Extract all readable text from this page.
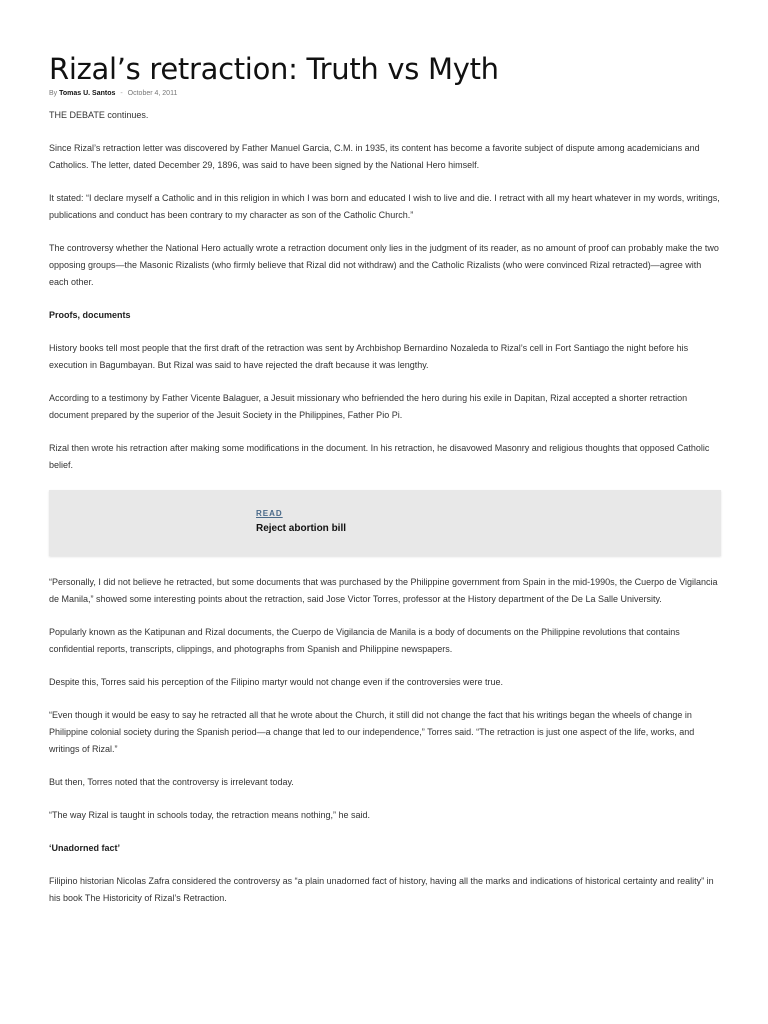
Rizal’s retraction: Truth vs Myth
By Tomas U. Santos - October 4, 2011

THE DEBATE continues.

Since Rizal’s retraction letter was discovered by Father Manuel Garcia, C.M. in 1935, its content has become a favorite subject of dispute among academicians and Catholics. The letter, dated December 29, 1896, was said to have been signed by the National Hero himself.

It stated: “I declare myself a Catholic and in this religion in which I was born and educated I wish to live and die. I retract with all my heart whatever in my words, writings, publications and conduct has been contrary to my character as son of the Catholic Church.”

The controversy whether the National Hero actually wrote a retraction document only lies in the judgment of its reader, as no amount of proof can probably make the two opposing groups—the Masonic Rizalists (who firmly believe that Rizal did not withdraw) and the Catholic Rizalists (who were convinced Rizal retracted)—agree with each other.

Proofs, documents

History books tell most people that the first draft of the retraction was sent by Archbishop Bernardino Nozaleda to Rizal’s cell in Fort Santiago the night before his execution in Bagumbayan. But Rizal was said to have rejected the draft because it was lengthy.

According to a testimony by Father Vicente Balaguer, a Jesuit missionary who befriended the hero during his exile in Dapitan, Rizal accepted a shorter retraction document prepared by the superior of the Jesuit Society in the Philippines, Father Pio Pi.

Rizal then wrote his retraction after making some modifications in the document. In his retraction, he disavowed Masonry and religious thoughts that opposed Catholic belief.

READ
Reject abortion bill

“Personally, I did not believe he retracted, but some documents that was purchased by the Philippine government from Spain in the mid-1990s, the Cuerpo de Vigilancia de Manila,” showed some interesting points about the retraction, said Jose Victor Torres, professor at the History department of the De La Salle University.

Popularly known as the Katipunan and Rizal documents, the Cuerpo de Vigilancia de Manila is a body of documents on the Philippine revolutions that contains confidential reports, transcripts, clippings, and photographs from Spanish and Philippine newspapers.

Despite this, Torres said his perception of the Filipino martyr would not change even if the controversies were true.

“Even though it would be easy to say he retracted all that he wrote about the Church, it still did not change the fact that his writings began the wheels of change in Philippine colonial society during the Spanish period—a change that led to our independence,” Torres said. “The retraction is just one aspect of the life, works, and writings of Rizal.”

But then, Torres noted that the controversy is irrelevant today.

“The way Rizal is taught in schools today, the retraction means nothing,” he said.

‘Unadorned fact’

Filipino historian Nicolas Zafra considered the controversy as “a plain unadorned fact of history, having all the marks and indications of historical certainty and reality” in his book The Historicity of Rizal’s Retraction.
